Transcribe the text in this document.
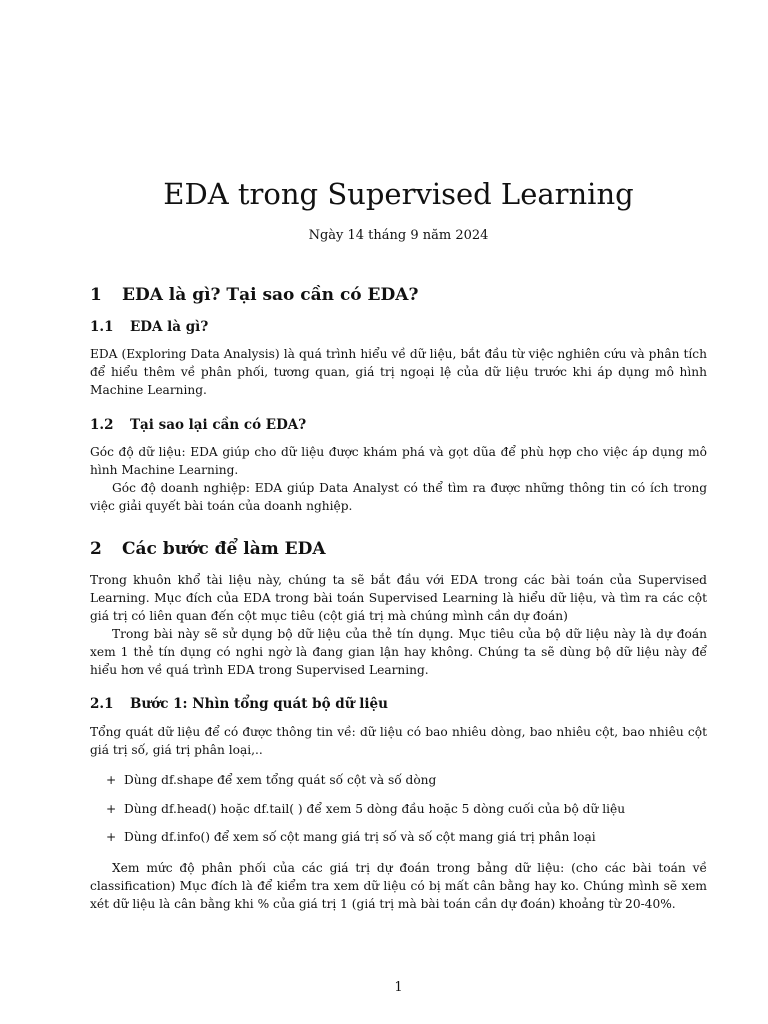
EDA trong Supervised Learning

Ngày 14 tháng 9 năm 2024

1 EDA là gì? Tại sao cần có EDA?
1.1 EDA là gì?

EDA (Exploring Data Analysis) là quá trình hiểu về dữ liệu, bắt đầu từ việc nghiên cứu và phân tích để hiểu thêm về phân phối, tương quan, giá trị ngoại lệ của dữ liệu trước khi áp dụng mô hình Machine Learning.

1.2 Tại sao lại cần có EDA?

Góc độ dữ liệu: EDA giúp cho dữ liệu được khám phá và gọt dũa để phù hợp cho việc áp dụng mô hình Machine Learning.

Góc độ doanh nghiệp: EDA giúp Data Analyst có thể tìm ra được những thông tin có ích trong việc giải quyết bài toán của doanh nghiệp.

2 Các bước để làm EDA

Trong khuôn khổ tài liệu này, chúng ta sẽ bắt đầu với EDA trong các bài toán của Supervised Learning. Mục đích của EDA trong bài toán Supervised Learning là hiểu dữ liệu, và tìm ra các cột giá trị có liên quan đến cột mục tiêu (cột giá trị mà chúng mình cần dự đoán)

Trong bài này sẽ sử dụng bộ dữ liệu của thẻ tín dụng. Mục tiêu của bộ dữ liệu này là dự đoán xem 1 thẻ tín dụng có nghi ngờ là đang gian lận hay không. Chúng ta sẽ dùng bộ dữ liệu này để hiểu hơn về quá trình EDA trong Supervised Learning.

2.1 Bước 1: Nhìn tổng quát bộ dữ liệu

Tổng quát dữ liệu để có được thông tin về: dữ liệu có bao nhiêu dòng, bao nhiêu cột, bao nhiêu cột giá trị số, giá trị phân loại,..

+ Dùng df.shape để xem tổng quát số cột và số dòng
+ Dùng df.head() hoặc df.tail( ) để xem 5 dòng đầu hoặc 5 dòng cuối của bộ dữ liệu
+ Dùng df.info() để xem số cột mang giá trị số và số cột mang giá trị phân loại

Xem mức độ phân phối của các giá trị dự đoán trong bảng dữ liệu: (cho các bài toán về classification) Mục đích là để kiểm tra xem dữ liệu có bị mất cân bằng hay ko. Chúng mình sẽ xem xét dữ liệu là cân bằng khi % của giá trị 1 (giá trị mà bài toán cần dự đoán) khoảng từ 20-40%.

1
